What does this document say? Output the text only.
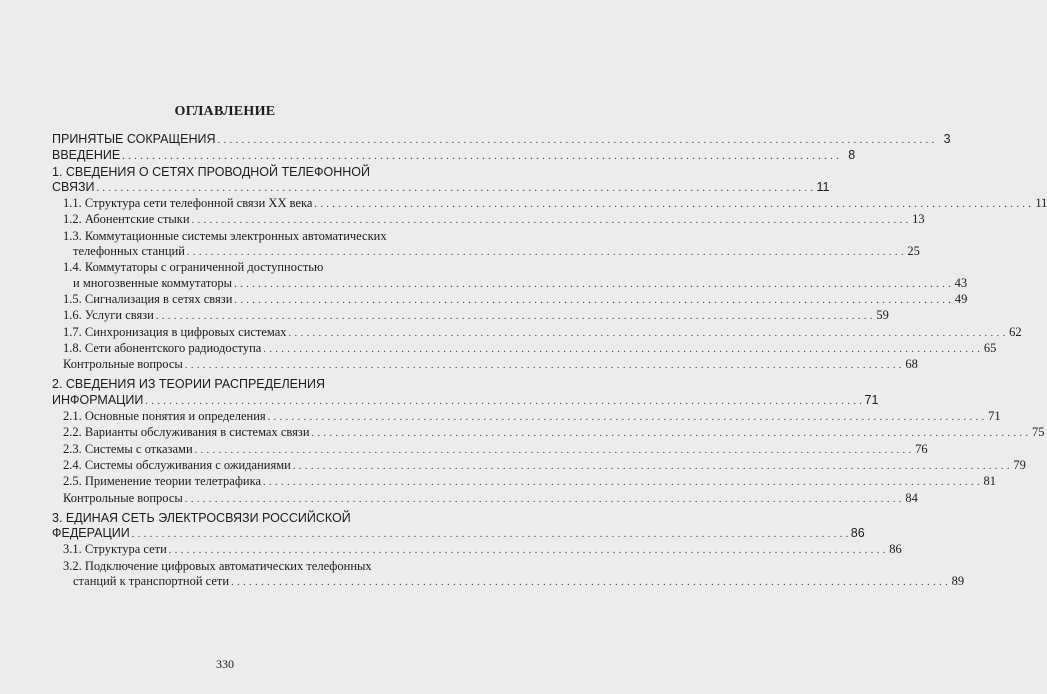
ОГЛАВЛЕНИЕ
ПРИНЯТЫЕ СОКРАЩЕНИЯ . . . . . . . . . . . . . . . . . . . . . . . . . . . . . . . . . . . . . . . . . . . . . . . . . . . . . . . . . . . . . . . . . . . . . . . . . . . . . . . . . . . . . . . . . . . . . . . . . . . . . . . . . . . . . . . . . . . . . . . . 3
ВВЕДЕНИЕ . . . . . . . . . . . . . . . . . . . . . . . . . . . . . . . . . . . . . . . . . . . . . . . . . . . . . . . . . . . . . . . . . . . . . . . . . . . . . . . . . . . . . . . . . . . . . . . . . . . . . . . . . . . . . . . . . . . . . . . . 8
1. СВЕДЕНИЯ О СЕТЯХ ПРОВОДНОЙ ТЕЛЕФОННОЙ
СВЯЗИ . . . . . . . . . . . . . . . . . . . . . . . . . . . . . . . . . . . . . . . . . . . . . . . . . . . . . . . . . . . . . . . . . . . . . . . . . . . . . . . . . . . . . . . . . . . . . . . . . . . . . . . . . . . . . . . . . . . . . . . . 11
1.1. Структура сети телефонной связи XX века . . . . . . . . . . . . . . . . . . . . . . . . . . . . . . . . . . . . . . . . . . . . . . . . . . . . . . . . . . . . . . . . . . . . . . . . . . . . . . . . . . . . . . . . . . . . . . . . . . . . . . . . . . . . . . . . . . . . . . . . 11
1.2. Абонентские стыки . . . . . . . . . . . . . . . . . . . . . . . . . . . . . . . . . . . . . . . . . . . . . . . . . . . . . . . . . . . . . . . . . . . . . . . . . . . . . . . . . . . . . . . . . . . . . . . . . . . . . . . . . . . . . . . . . . . . . . . . 13
1.3. Коммутационные системы электронных автоматических
телефонных станций . . . . . . . . . . . . . . . . . . . . . . . . . . . . . . . . . . . . . . . . . . . . . . . . . . . . . . . . . . . . . . . . . . . . . . . . . . . . . . . . . . . . . . . . . . . . . . . . . . . . . . . . . . . . . . . . . . . . . . . . 25
1.4. Коммутаторы с ограниченной доступностью
и многозвенные коммутаторы . . . . . . . . . . . . . . . . . . . . . . . . . . . . . . . . . . . . . . . . . . . . . . . . . . . . . . . . . . . . . . . . . . . . . . . . . . . . . . . . . . . . . . . . . . . . . . . . . . . . . . . . . . . . . . . . . . . . . . . . 43
1.5. Сигнализация в сетях связи . . . . . . . . . . . . . . . . . . . . . . . . . . . . . . . . . . . . . . . . . . . . . . . . . . . . . . . . . . . . . . . . . . . . . . . . . . . . . . . . . . . . . . . . . . . . . . . . . . . . . . . . . . . . . . . . . . . . . . . . 49
1.6. Услуги связи . . . . . . . . . . . . . . . . . . . . . . . . . . . . . . . . . . . . . . . . . . . . . . . . . . . . . . . . . . . . . . . . . . . . . . . . . . . . . . . . . . . . . . . . . . . . . . . . . . . . . . . . . . . . . . . . . . . . . . . . 59
1.7. Синхронизация в цифровых системах . . . . . . . . . . . . . . . . . . . . . . . . . . . . . . . . . . . . . . . . . . . . . . . . . . . . . . . . . . . . . . . . . . . . . . . . . . . . . . . . . . . . . . . . . . . . . . . . . . . . . . . . . . . . . . . . . . . . . . . . 62
1.8. Сети абонентского радиодоступа . . . . . . . . . . . . . . . . . . . . . . . . . . . . . . . . . . . . . . . . . . . . . . . . . . . . . . . . . . . . . . . . . . . . . . . . . . . . . . . . . . . . . . . . . . . . . . . . . . . . . . . . . . . . . . . . . . . . . . . . 65
Контрольные вопросы . . . . . . . . . . . . . . . . . . . . . . . . . . . . . . . . . . . . . . . . . . . . . . . . . . . . . . . . . . . . . . . . . . . . . . . . . . . . . . . . . . . . . . . . . . . . . . . . . . . . . . . . . . . . . . . . . . . . . . . . 68
2. СВЕДЕНИЯ ИЗ ТЕОРИИ РАСПРЕДЕЛЕНИЯ
ИНФОРМАЦИИ . . . . . . . . . . . . . . . . . . . . . . . . . . . . . . . . . . . . . . . . . . . . . . . . . . . . . . . . . . . . . . . . . . . . . . . . . . . . . . . . . . . . . . . . . . . . . . . . . . . . . . . . . . . . . . . . . . . . . . . . 71
2.1. Основные понятия и определения . . . . . . . . . . . . . . . . . . . . . . . . . . . . . . . . . . . . . . . . . . . . . . . . . . . . . . . . . . . . . . . . . . . . . . . . . . . . . . . . . . . . . . . . . . . . . . . . . . . . . . . . . . . . . . . . . . . . . . . . 71
2.2. Варианты обслуживания в системах связи . . . . . . . . . . . . . . . . . . . . . . . . . . . . . . . . . . . . . . . . . . . . . . . . . . . . . . . . . . . . . . . . . . . . . . . . . . . . . . . . . . . . . . . . . . . . . . . . . . . . . . . . . . . . . . . . . . . . . . . . 75
2.3. Системы с отказами . . . . . . . . . . . . . . . . . . . . . . . . . . . . . . . . . . . . . . . . . . . . . . . . . . . . . . . . . . . . . . . . . . . . . . . . . . . . . . . . . . . . . . . . . . . . . . . . . . . . . . . . . . . . . . . . . . . . . . . . 76
2.4. Системы обслуживания с ожиданиями . . . . . . . . . . . . . . . . . . . . . . . . . . . . . . . . . . . . . . . . . . . . . . . . . . . . . . . . . . . . . . . . . . . . . . . . . . . . . . . . . . . . . . . . . . . . . . . . . . . . . . . . . . . . . . . . . . . . . . . . 79
2.5. Применение теории телетрафика . . . . . . . . . . . . . . . . . . . . . . . . . . . . . . . . . . . . . . . . . . . . . . . . . . . . . . . . . . . . . . . . . . . . . . . . . . . . . . . . . . . . . . . . . . . . . . . . . . . . . . . . . . . . . . . . . . . . . . . . 81
Контрольные вопросы . . . . . . . . . . . . . . . . . . . . . . . . . . . . . . . . . . . . . . . . . . . . . . . . . . . . . . . . . . . . . . . . . . . . . . . . . . . . . . . . . . . . . . . . . . . . . . . . . . . . . . . . . . . . . . . . . . . . . . . . 84
3. ЕДИНАЯ СЕТЬ ЭЛЕКТРОСВЯЗИ РОССИЙСКОЙ
ФЕДЕРАЦИИ . . . . . . . . . . . . . . . . . . . . . . . . . . . . . . . . . . . . . . . . . . . . . . . . . . . . . . . . . . . . . . . . . . . . . . . . . . . . . . . . . . . . . . . . . . . . . . . . . . . . . . . . . . . . . . . . . . . . . . . . 86
3.1. Структура сети . . . . . . . . . . . . . . . . . . . . . . . . . . . . . . . . . . . . . . . . . . . . . . . . . . . . . . . . . . . . . . . . . . . . . . . . . . . . . . . . . . . . . . . . . . . . . . . . . . . . . . . . . . . . . . . . . . . . . . . . 86
3.2. Подключение цифровых автоматических телефонных
станций к транспортной сети . . . . . . . . . . . . . . . . . . . . . . . . . . . . . . . . . . . . . . . . . . . . . . . . . . . . . . . . . . . . . . . . . . . . . . . . . . . . . . . . . . . . . . . . . . . . . . . . . . . . . . . . . . . . . . . . . . . . . . . . 89
330
